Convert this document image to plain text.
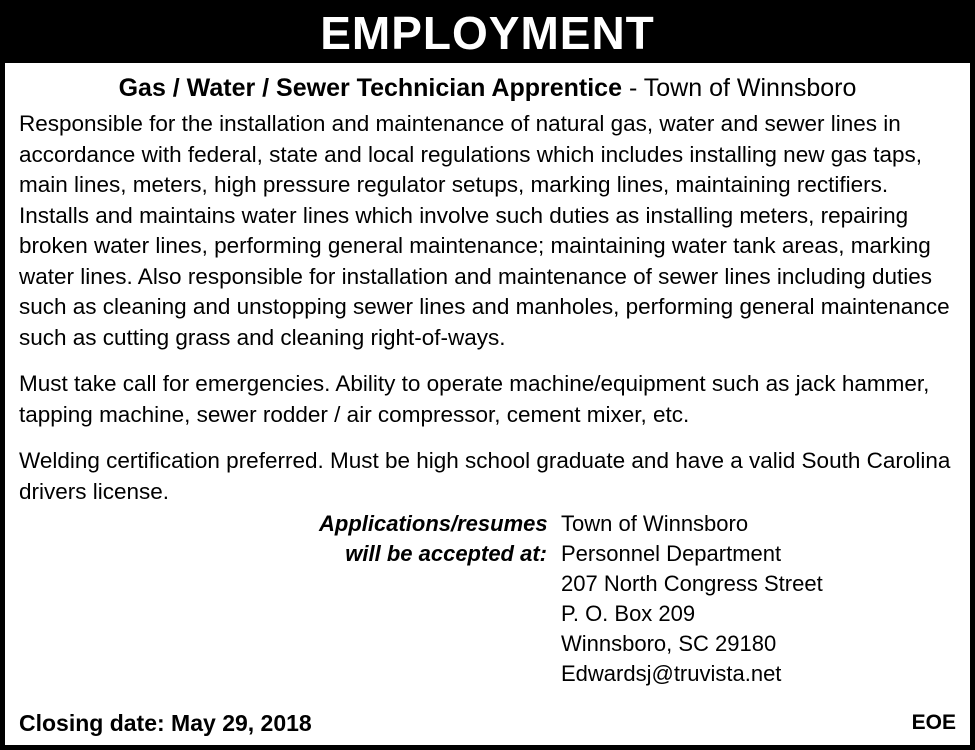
EMPLOYMENT
Gas / Water / Sewer Technician Apprentice - Town of Winnsboro

Responsible for the installation and maintenance of natural gas, water and sewer lines in accordance with federal, state and local regulations which includes installing new gas taps, main lines, meters, high pressure regulator setups, marking lines, maintaining rectifiers. Installs and maintains water lines which involve such duties as installing meters, repairing broken water lines, performing general maintenance; maintaining water tank areas, marking water lines. Also responsible for installation and maintenance of sewer lines including duties such as cleaning and unstopping sewer lines and manholes, performing general maintenance such as cutting grass and cleaning right-of-ways.

Must take call for emergencies. Ability to operate machine/equipment such as jack hammer, tapping machine, sewer rodder / air compressor, cement mixer, etc.

Welding certification preferred. Must be high school graduate and have a valid South Carolina drivers license.

Applications/resumes
will be accepted at:
Town of Winnsboro
Personnel Department
207 North Congress Street
P. O. Box 209
Winnsboro, SC 29180
Edwardsj@truvista.net
Closing date: May 29, 2018	EOE
